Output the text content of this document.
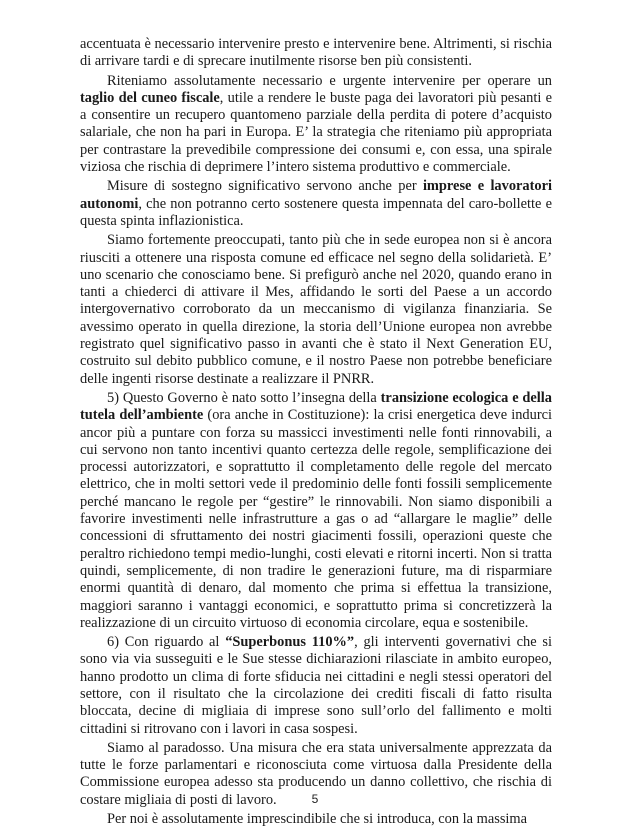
accentuata è necessario intervenire presto e intervenire bene. Altrimenti, si rischia di arrivare tardi e di sprecare inutilmente risorse ben più consistenti.

Riteniamo assolutamente necessario e urgente intervenire per operare un taglio del cuneo fiscale, utile a rendere le buste paga dei lavoratori più pesanti e a consentire un recupero quantomeno parziale della perdita di potere d’acquisto salariale, che non ha pari in Europa. E’ la strategia che riteniamo più appropriata per contrastare la prevedibile compressione dei consumi e, con essa, una spirale viziosa che rischia di deprimere l’intero sistema produttivo e commerciale.

Misure di sostegno significativo servono anche per imprese e lavoratori autonomi, che non potranno certo sostenere questa impennata del caro-bollette e questa spinta inflazionistica.

Siamo fortemente preoccupati, tanto più che in sede europea non si è ancora riusciti a ottenere una risposta comune ed efficace nel segno della solidarietà. E’ uno scenario che conosciamo bene. Si prefigurò anche nel 2020, quando erano in tanti a chiederci di attivare il Mes, affidando le sorti del Paese a un accordo intergovernativo corroborato da un meccanismo di vigilanza finanziaria. Se avessimo operato in quella direzione, la storia dell’Unione europea non avrebbe registrato quel significativo passo in avanti che è stato il Next Generation EU, costruito sul debito pubblico comune, e il nostro Paese non potrebbe beneficiare delle ingenti risorse destinate a realizzare il PNRR.

5) Questo Governo è nato sotto l’insegna della transizione ecologica e della tutela dell’ambiente (ora anche in Costituzione): la crisi energetica deve indurci ancor più a puntare con forza su massicci investimenti nelle fonti rinnovabili, a cui servono non tanto incentivi quanto certezza delle regole, semplificazione dei processi autorizzatori, e soprattutto il completamento delle regole del mercato elettrico, che in molti settori vede il predominio delle fonti fossili semplicemente perché mancano le regole per “gestire” le rinnovabili. Non siamo disponibili a favorire investimenti nelle infrastrutture a gas o ad “allargare le maglie” delle concessioni di sfruttamento dei nostri giacimenti fossili, operazioni queste che peraltro richiedono tempi medio-lunghi, costi elevati e ritorni incerti. Non si tratta quindi, semplicemente, di non tradire le generazioni future, ma di risparmiare enormi quantità di denaro, dal momento che prima si effettua la transizione, maggiori saranno i vantaggi economici, e soprattutto prima si concretizzerà la realizzazione di un circuito virtuoso di economia circolare, equa e sostenibile.

6) Con riguardo al “Superbonus 110%”, gli interventi governativi che si sono via via susseguiti e le Sue stesse dichiarazioni rilasciate in ambito europeo, hanno prodotto un clima di forte sfiducia nei cittadini e negli stessi operatori del settore, con il risultato che la circolazione dei crediti fiscali di fatto risulta bloccata, decine di migliaia di imprese sono sull’orlo del fallimento e molti cittadini si ritrovano con i lavori in casa sospesi.

Siamo al paradosso. Una misura che era stata universalmente apprezzata da tutte le forze parlamentari e riconosciuta come virtuosa dalla Presidente della Commissione europea adesso sta producendo un danno collettivo, che rischia di costare migliaia di posti di lavoro.

Per noi è assolutamente imprescindibile che si introduca, con la massima

5
